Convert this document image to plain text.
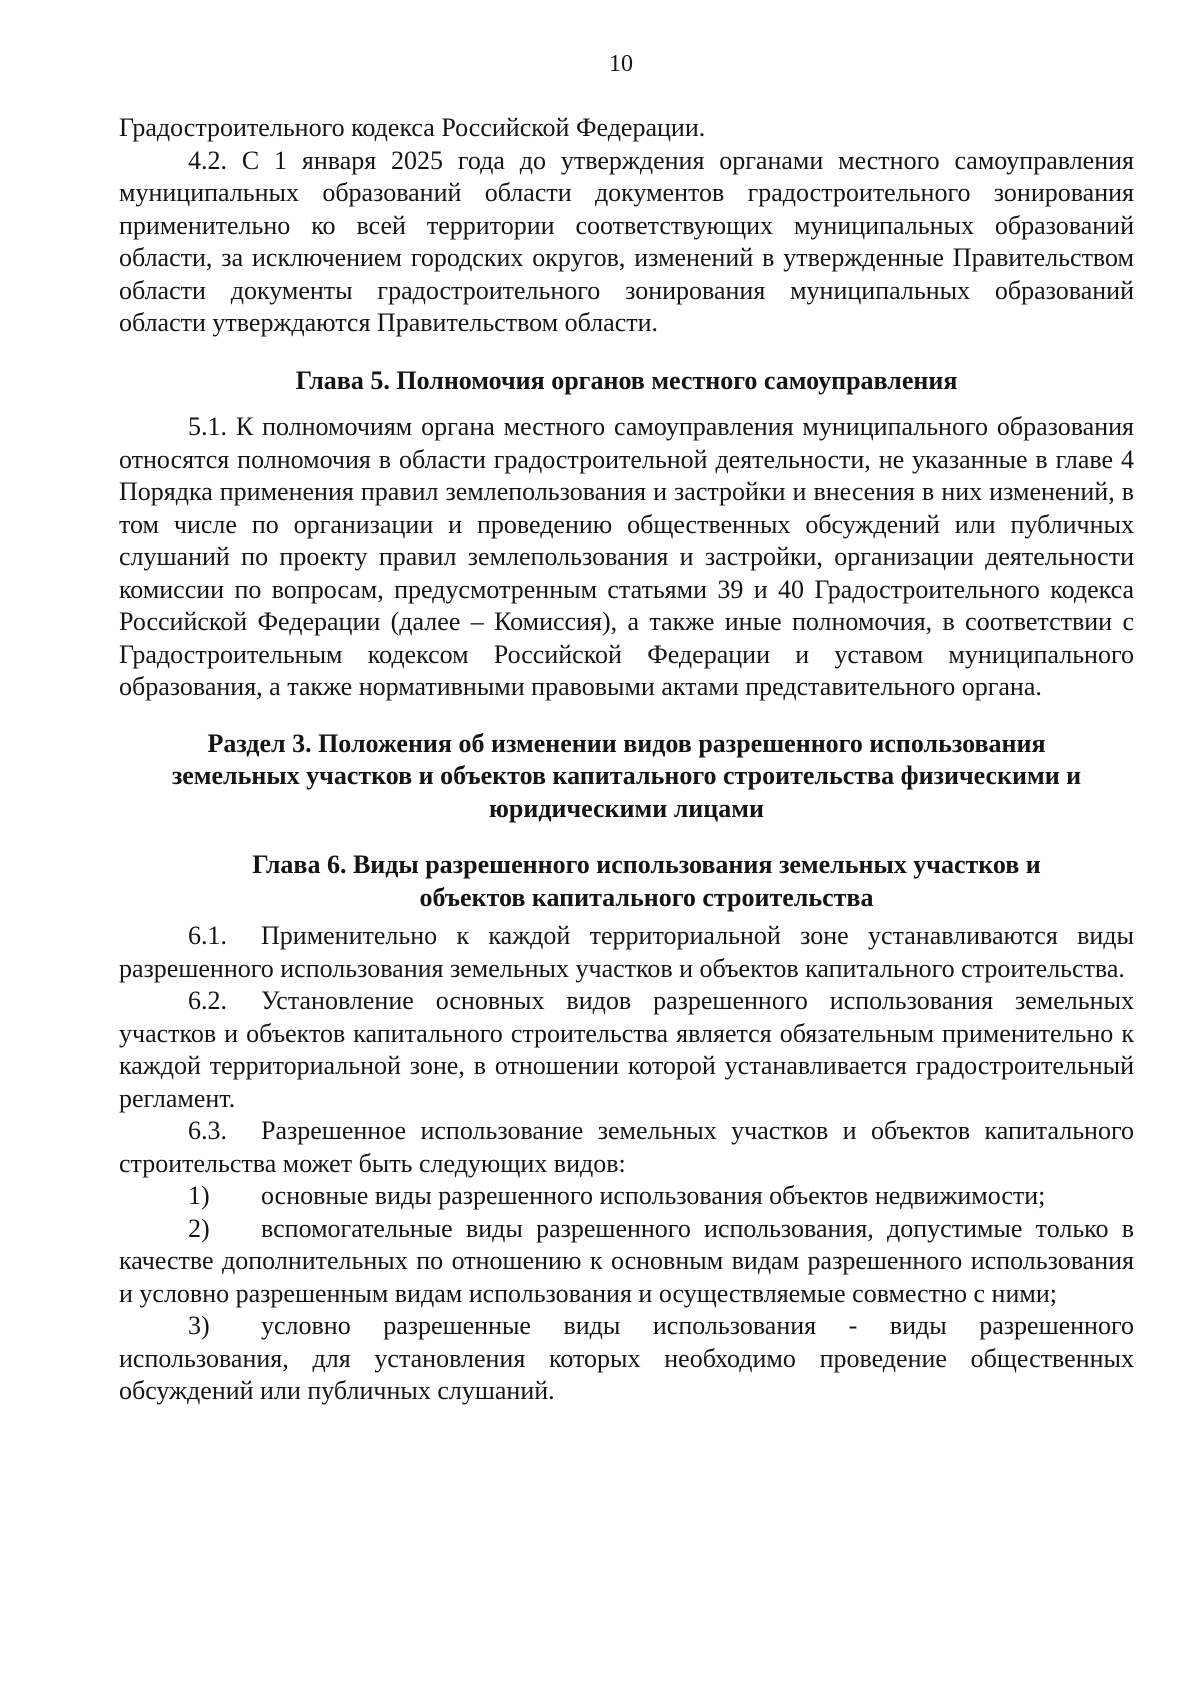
10

Градостроительного кодекса Российской Федерации.

4.2. С 1 января 2025 года до утверждения органами местного самоуправления муниципальных образований области документов градостроительного зонирования применительно ко всей территории соответствующих муниципальных образований области, за исключением городских округов, изменений в утвержденные Правительством области документы градостроительного зонирования муниципальных образований области утверждаются Правительством области.

Глава 5. Полномочия органов местного самоуправления

5.1. К полномочиям органа местного самоуправления муниципального образования относятся полномочия в области градостроительной деятельности, не указанные в главе 4 Порядка применения правил землепользования и застройки и внесения в них изменений, в том числе по организации и проведению общественных обсуждений или публичных слушаний по проекту правил землепользования и застройки, организации деятельности комиссии по вопросам, предусмотренным статьями 39 и 40 Градостроительного кодекса Российской Федерации (далее – Комиссия), а также иные полномочия, в соответствии с Градостроительным кодексом Российской Федерации и уставом муниципального образования, а также нормативными правовыми актами представительного органа.

Раздел 3. Положения об изменении видов разрешенного использования

земельных участков и объектов капитального строительства физическими и

юридическими лицами

Глава 6. Виды разрешенного использования земельных участков и

объектов капитального строительства

6.1. Применительно к каждой территориальной зоне устанавливаются виды разрешенного использования земельных участков и объектов капитального строительства.

6.2. Установление основных видов разрешенного использования земельных участков и объектов капитального строительства является обязательным применительно к каждой территориальной зоне, в отношении которой устанавливается градостроительный регламент.

6.3. Разрешенное использование земельных участков и объектов капитального строительства может быть следующих видов:

1) основные виды разрешенного использования объектов недвижимости;

2) вспомогательные виды разрешенного использования, допустимые только в качестве дополнительных по отношению к основным видам разрешенного использования и условно разрешенным видам использования и осуществляемые совместно с ними;

3) условно разрешенные виды использования - виды разрешенного использования, для установления которых необходимо проведение общественных обсуждений или публичных слушаний.
